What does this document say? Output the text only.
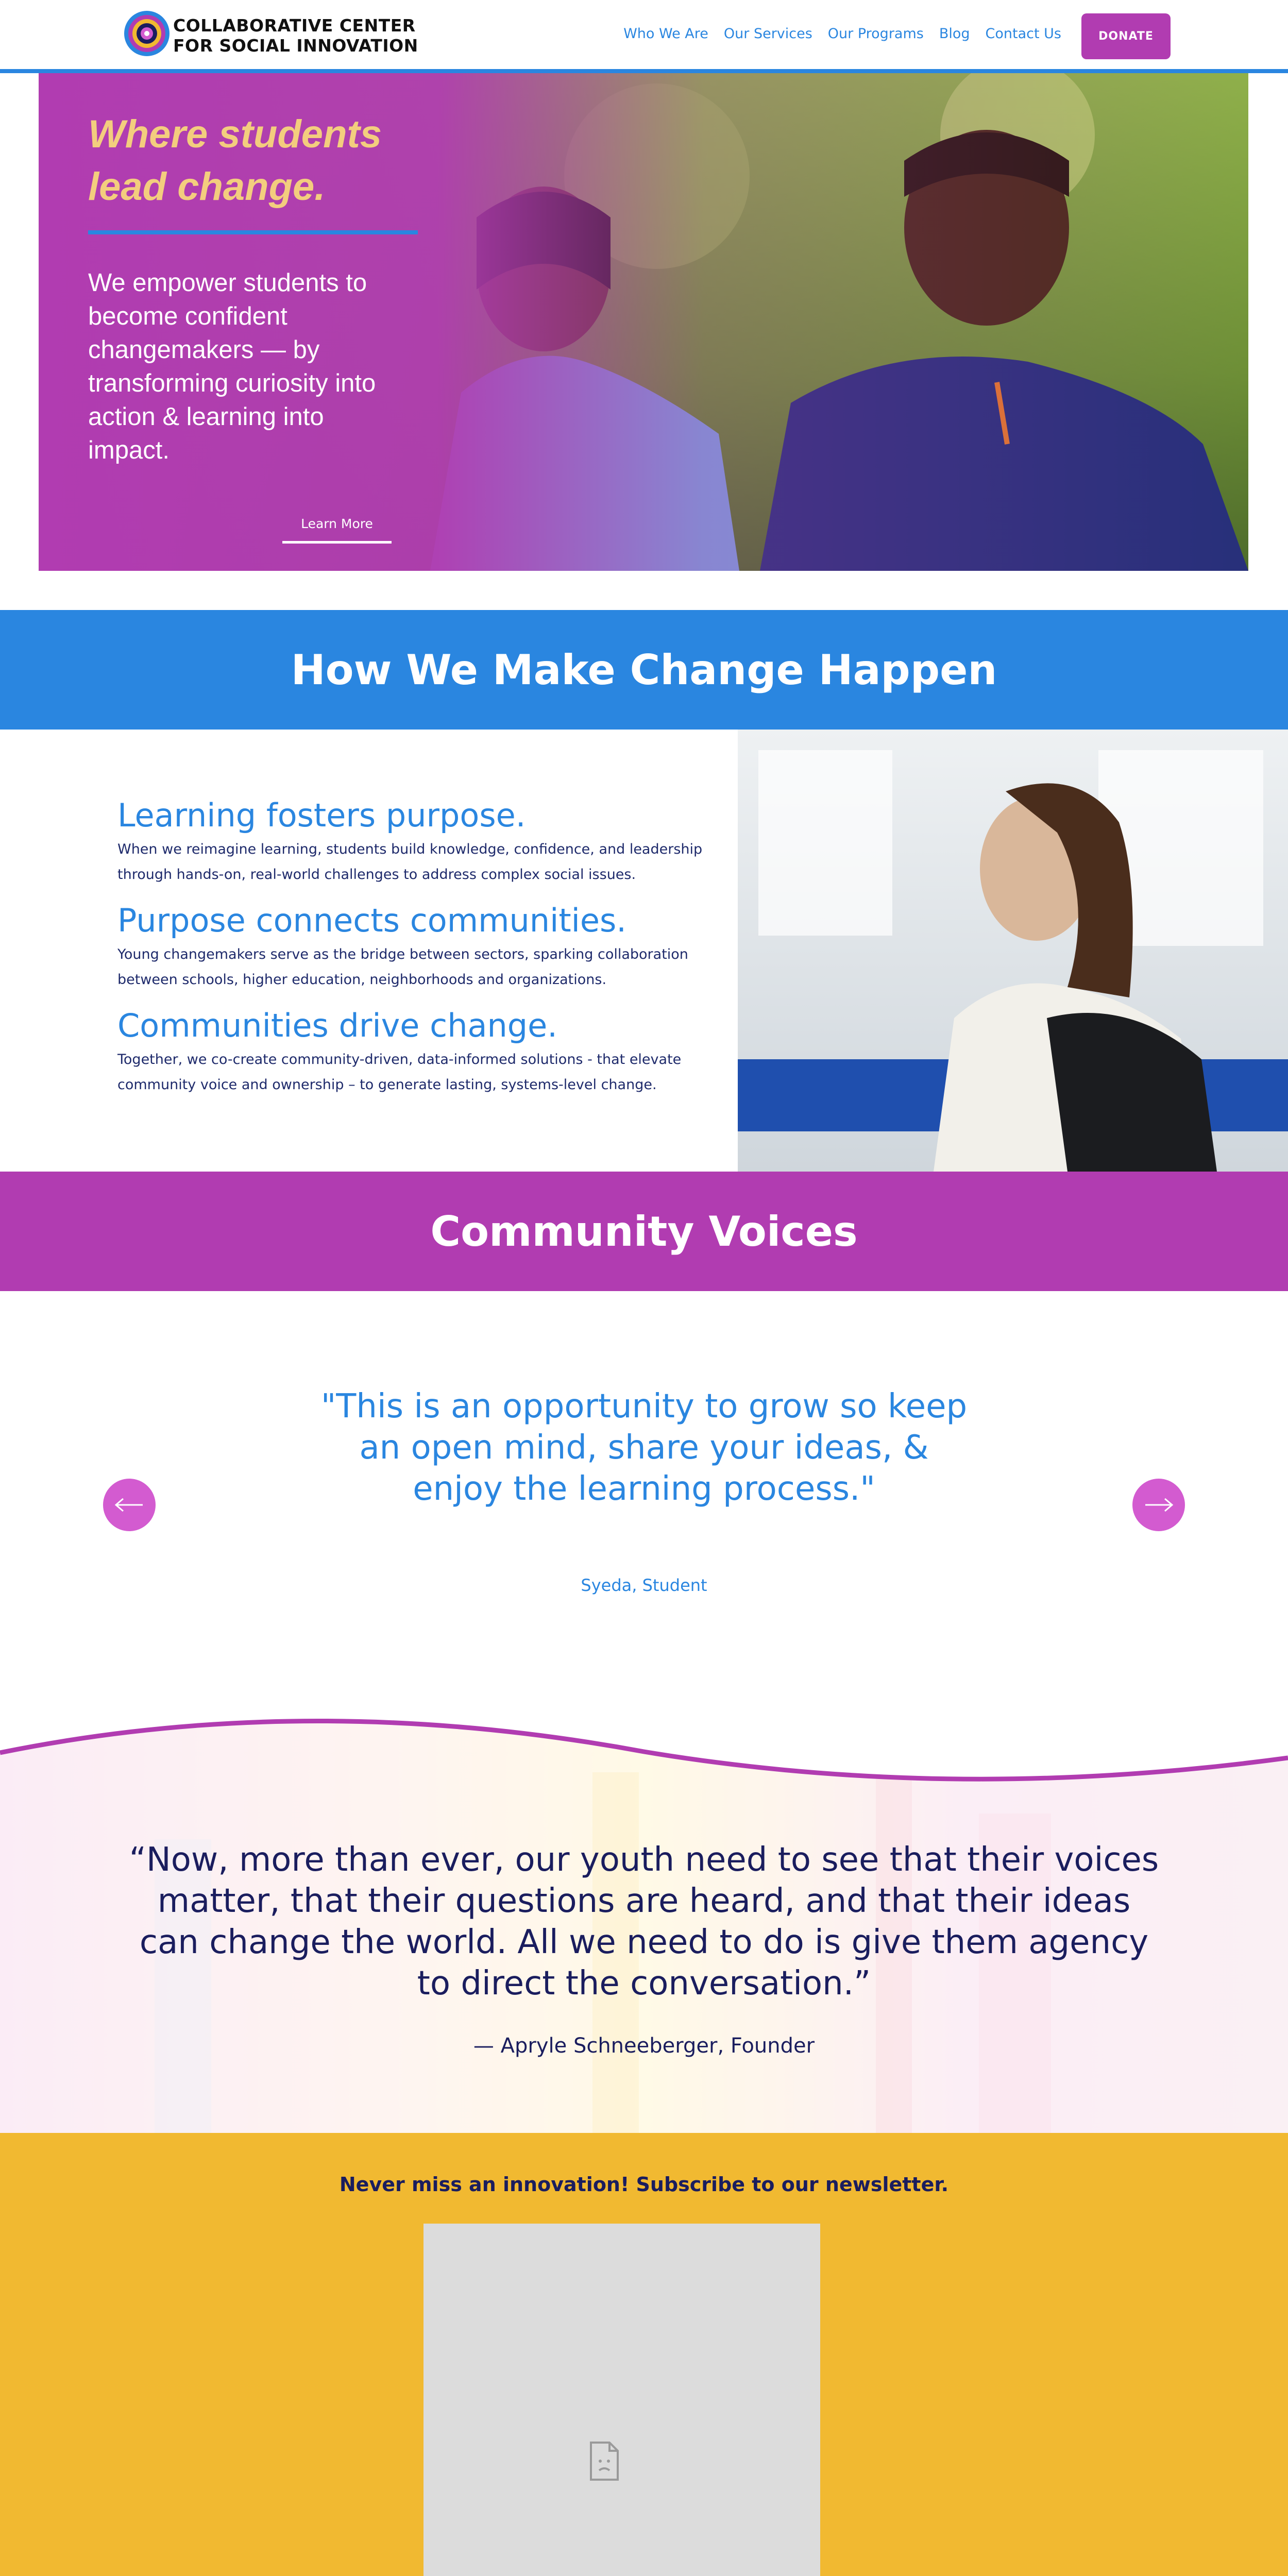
COLLABORATIVE CENTER
FOR SOCIAL INNOVATION
Who We Are Our Services Our Programs Blog Contact Us	DONATE
Where students
lead change.
We empower students to become confident changemakers — by transforming curiosity into action & learning into impact.
Learn More
How We Make Change Happen
Learning fosters purpose.

When we reimagine learning, students build knowledge, confidence, and leadership through hands-on, real-world challenges to address complex social issues.

Purpose connects communities.

Young changemakers serve as the bridge between sectors, sparking collaboration between schools, higher education, neighborhoods and organizations.

Communities drive change.

Together, we co-create community-driven, data-informed solutions - that elevate community voice and ownership – to generate lasting, systems-level change.

Community Voices
"This is an opportunity to grow so keep an open mind, share your ideas, & enjoy the learning process."
Syeda, Student
“Now, more than ever, our youth need to see that their voices matter, that their questions are heard, and that their ideas can change the world. All we need to do is give them agency to direct the conversation.”
— Apryle Schneeberger, Founder
Never miss an innovation! Subscribe to our newsletter.
